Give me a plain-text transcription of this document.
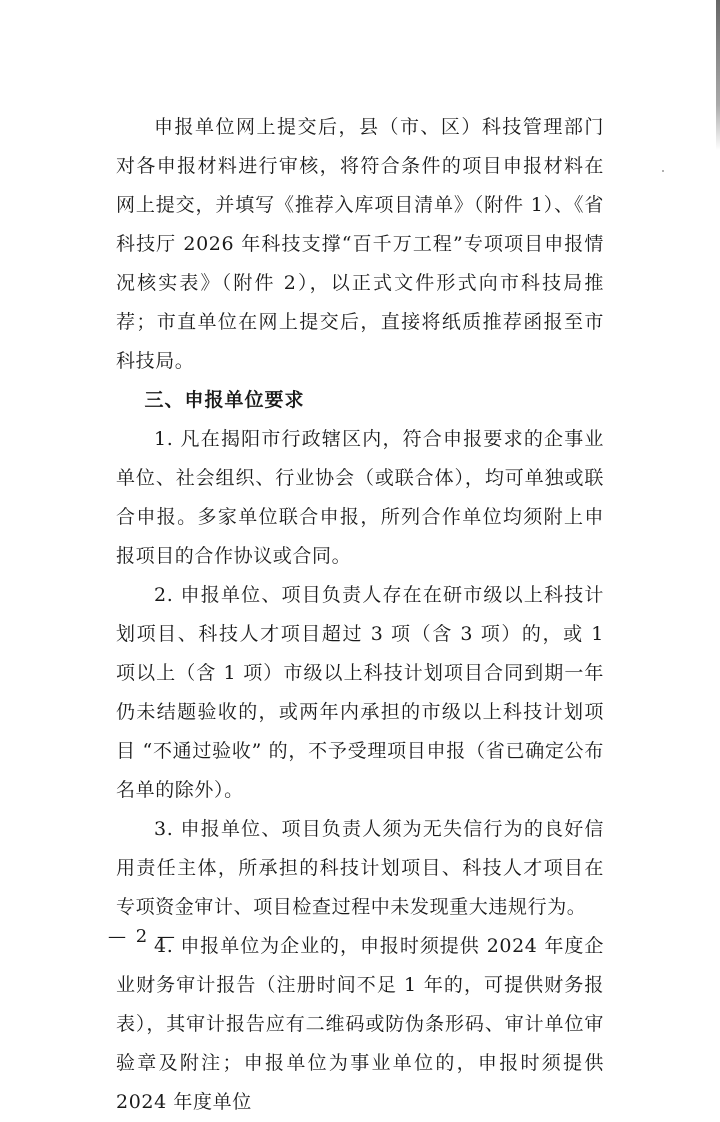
申报单位网上提交后，县（市、区）科技管理部门对各申报材料进行审核，将符合条件的项目申报材料在网上提交，并填写《推荐入库项目清单》（附件 1）、《省科技厅 2026 年科技支撑“百千万工程”专项项目申报情况核实表》（附件 2），以正式文件形式向市科技局推荐；市直单位在网上提交后，直接将纸质推荐函报至市科技局。

三、申报单位要求

1. 凡在揭阳市行政辖区内，符合申报要求的企事业单位、社会组织、行业协会（或联合体），均可单独或联合申报。多家单位联合申报，所列合作单位均须附上申报项目的合作协议或合同。

2. 申报单位、项目负责人存在在研市级以上科技计划项目、科技人才项目超过 3 项（含 3 项）的，或 1 项以上（含 1 项）市级以上科技计划项目合同到期一年仍未结题验收的，或两年内承担的市级以上科技计划项目 “不通过验收” 的，不予受理项目申报（省已确定公布名单的除外）。

3. 申报单位、项目负责人须为无失信行为的良好信用责任主体，所承担的科技计划项目、科技人才项目在专项资金审计、项目检查过程中未发现重大违规行为。

4. 申报单位为企业的，申报时须提供 2024 年度企业财务审计报告（注册时间不足 1 年的，可提供财务报表），其审计报告应有二维码或防伪条形码、审计单位审验章及附注；申报单位为事业单位的，申报时须提供 2024 年度单位

— 2 —
